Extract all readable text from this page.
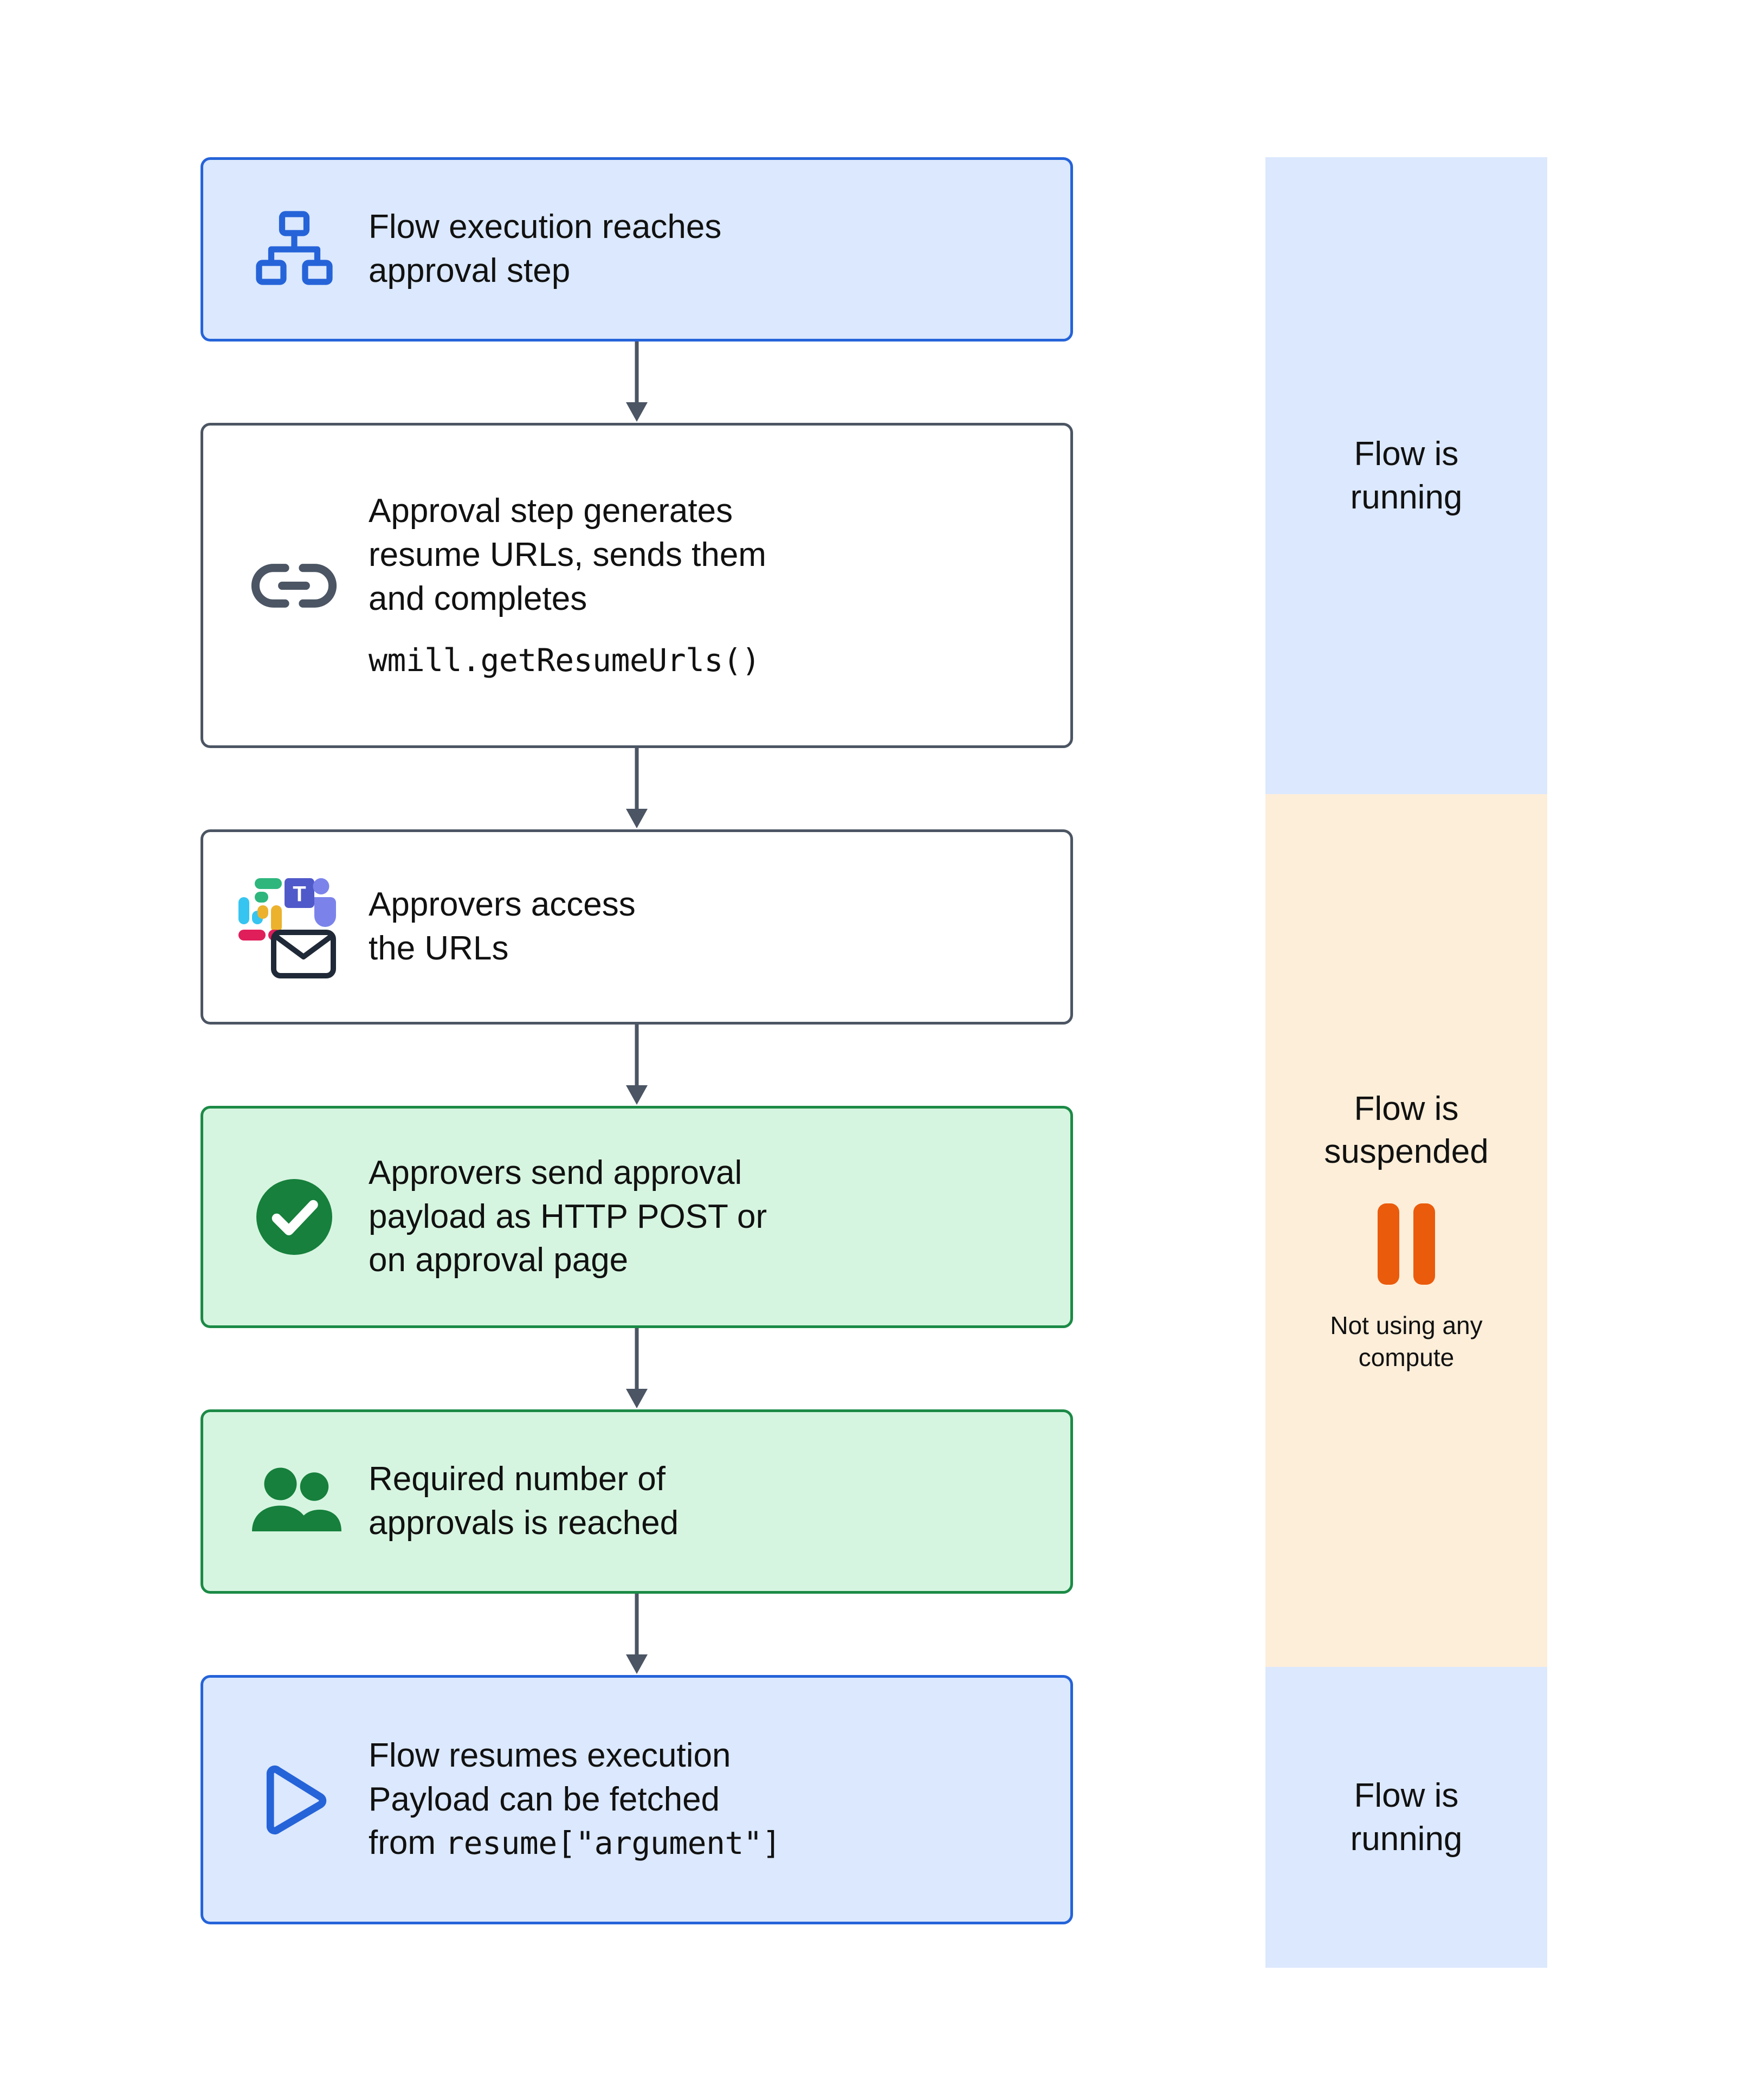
Flow execution reaches
approval step
Approval step generates
resume URLs, sends them
and completes
wmill.getResumeUrls()
T Approvers access
the URLs
Approvers send approval
payload as HTTP POST or
on approval page
Required number of
approvals is reached
Flow resumes execution
Payload can be fetched
from resume["argument"]
Flow is
running
Flow is
suspended
Not using any
compute
Flow is
running
